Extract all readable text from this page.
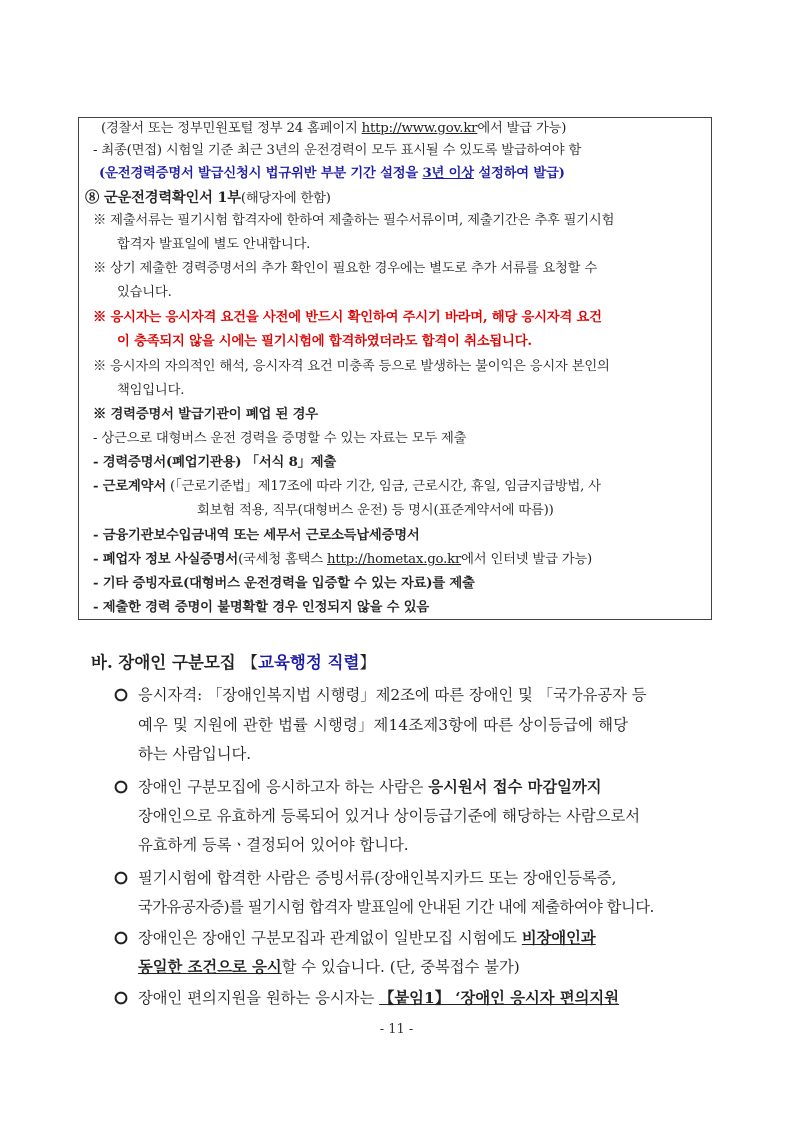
(경찰서 또는 정부민원포털 정부 24 홈페이지 http://www.gov.kr에서 발급 가능)
- 최종(면접) 시험일 기준 최근 3년의 운전경력이 모두 표시될 수 있도록 발급하여야 함
(운전경력증명서 발급신청시 법규위반 부분 기간 설정을 3년 이상 설정하여 발급)
⑧ 군운전경력확인서 1부(해당자에 한함)
※ 제출서류는 필기시험 합격자에 한하여 제출하는 필수서류이며, 제출기간은 추후 필기시험
합격자 발표일에 별도 안내합니다.
※ 상기 제출한 경력증명서의 추가 확인이 필요한 경우에는 별도로 추가 서류를 요청할 수
있습니다.
※ 응시자는 응시자격 요건을 사전에 반드시 확인하여 주시기 바라며, 해당 응시자격 요건
이 충족되지 않을 시에는 필기시험에 합격하였더라도 합격이 취소됩니다.
※ 응시자의 자의적인 해석, 응시자격 요건 미충족 등으로 발생하는 불이익은 응시자 본인의
책임입니다.
※ 경력증명서 발급기관이 폐업 된 경우
- 상근으로 대형버스 운전 경력을 증명할 수 있는 자료는 모두 제출
- 경력증명서(폐업기관용) 「서식 8」제출
- 근로계약서 (「근로기준법」제17조에 따라 기간, 임금, 근로시간, 휴일, 임금지급방법, 사
회보험 적용, 직무(대형버스 운전) 등 명시(표준계약서에 따름))
- 금융기관보수입금내역 또는 세무서 근로소득납세증명서
- 폐업자 정보 사실증명서(국세청 홈택스 http://hometax.go.kr에서 인터넷 발급 가능)
- 기타 증빙자료(대형버스 운전경력을 입증할 수 있는 자료)를 제출
- 제출한 경력 증명이 불명확할 경우 인정되지 않을 수 있음
바. 장애인 구분모집 【교육행정 직렬】
응시자격: 「장애인복지법 시행령」제2조에 따른 장애인 및 「국가유공자 등
예우 및 지원에 관한 법률 시행령」제14조제3항에 따른 상이등급에 해당
하는 사람입니다.
장애인 구분모집에 응시하고자 하는 사람은 응시원서 접수 마감일까지
장애인으로 유효하게 등록되어 있거나 상이등급기준에 해당하는 사람으로서
유효하게 등록ㆍ결정되어 있어야 합니다.
필기시험에 합격한 사람은 증빙서류(장애인복지카드 또는 장애인등록증,
국가유공자증)를 필기시험 합격자 발표일에 안내된 기간 내에 제출하여야 합니다.
장애인은 장애인 구분모집과 관계없이 일반모집 시험에도 비장애인과
동일한 조건으로 응시할 수 있습니다. (단, 중복접수 불가)
장애인 편의지원을 원하는 응시자는 【붙임1】 ‘장애인 응시자 편의지원
- 11 -
